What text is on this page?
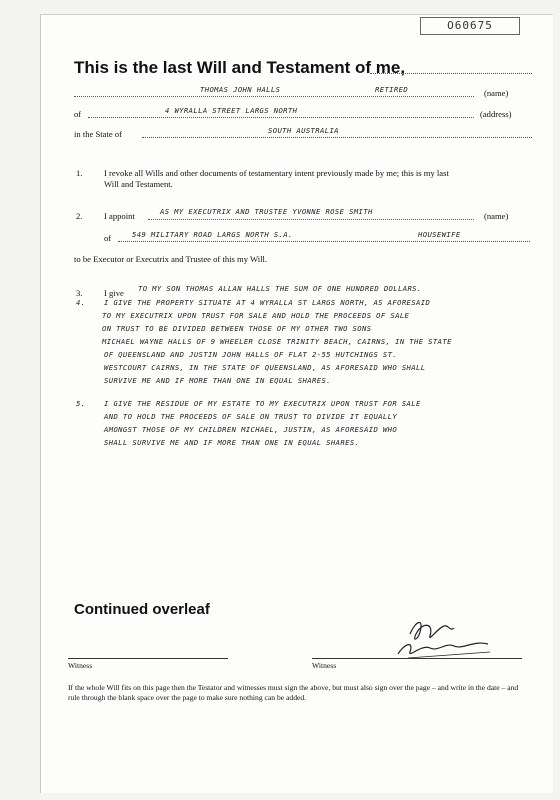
O60675
This is the last Will and Testament of me,
THOMAS JOHN HALLS	RETIRED	(name)
of	4 WYRALLA STREET LARGS NORTH	(address)
in the State of	SOUTH AUSTRALIA
1.	I revoke all Wills and other documents of testamentary intent previously made by me; this is my last
Will and Testament.
2.	I appoint	AS MY EXECUTRIX AND TRUSTEE YVONNE ROSE SMITH	(name)
of	549 MILITARY ROAD LARGS NORTH S.A.	HOUSEWIFE
to be Executor or Executrix and Trustee of this my Will.
3.	I give TO MY SON THOMAS ALLAN HALLS THE SUM OF ONE HUNDRED DOLLARS.
4.	I GIVE THE PROPERTY SITUATE AT 4 WYRALLA ST LARGS NORTH, AS AFORESAID
TO MY EXECUTRIX UPON TRUST FOR SALE AND HOLD THE PROCEEDS OF SALE
ON TRUST TO BE DIVIDED BETWEEN THOSE OF MY OTHER TWO SONS
MICHAEL WAYNE HALLS OF 9 WHEELER CLOSE TRINITY BEACH, CAIRNS, IN THE STATE
OF QUEENSLAND AND JUSTIN JOHN HALLS OF FLAT 2-55 HUTCHINGS ST.
WESTCOURT CAIRNS, IN THE STATE OF QUEENSLAND, AS AFORESAID WHO SHALL
SURVIVE ME AND IF MORE THAN ONE IN EQUAL SHARES.
5.	I GIVE THE RESIDUE OF MY ESTATE TO MY EXECUTRIX UPON TRUST FOR SALE
AND TO HOLD THE PROCEEDS OF SALE ON TRUST TO DIVIDE IT EQUALLY
AMONGST THOSE OF MY CHILDREN MICHAEL, JUSTIN, AS AFORESAID WHO
SHALL SURVIVE ME AND IF MORE THAN ONE IN EQUAL SHARES.
Continued overleaf
Witness	Witness
If the whole Will fits on this page then the Testator and witnesses must sign the above, but must also sign over the page – and write in the date – and rule through the blank space over the page to make sure nothing can be added.
